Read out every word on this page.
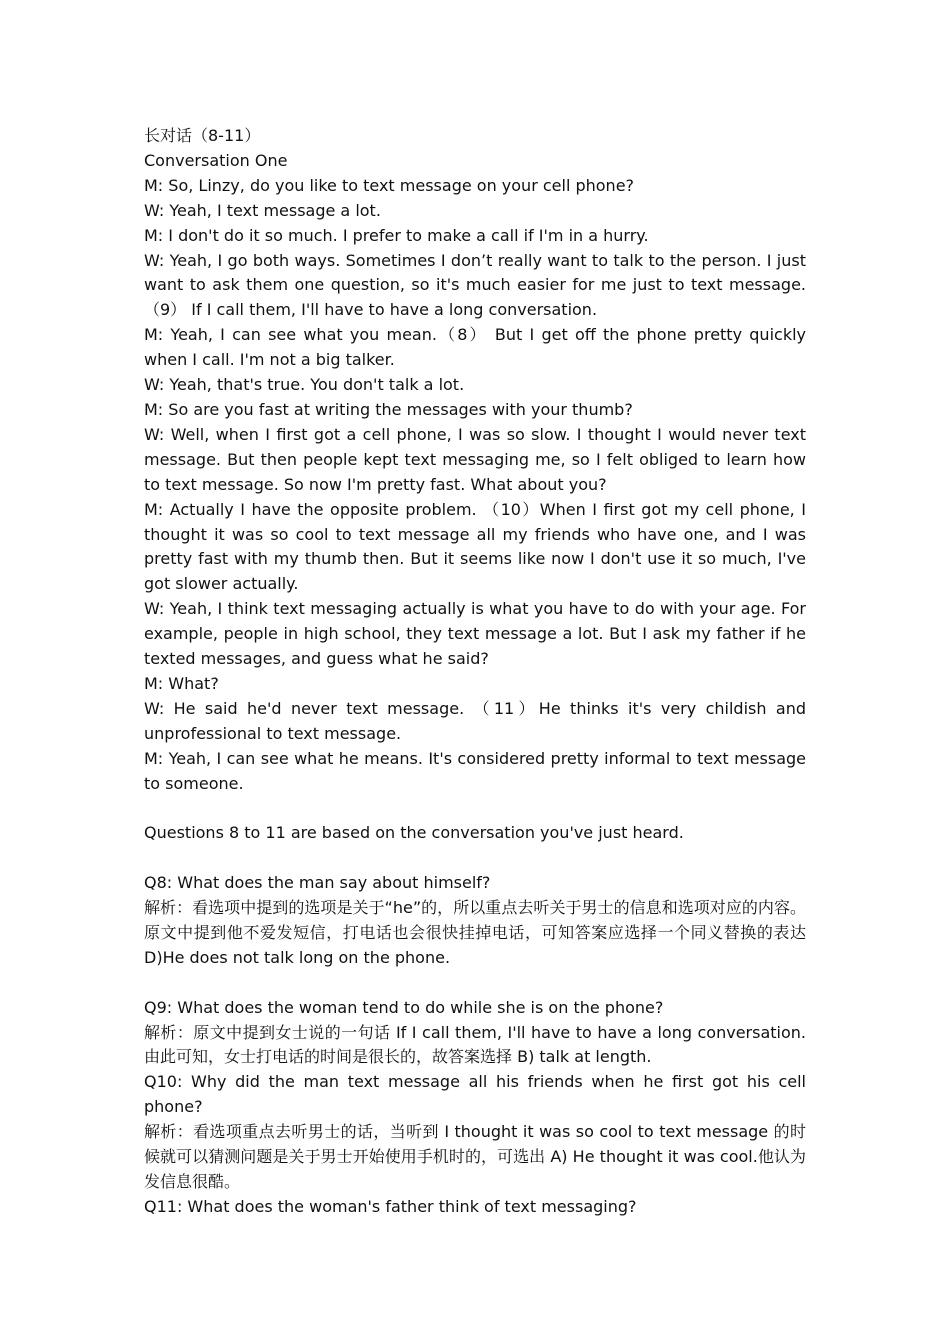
长对话（8-11）

Conversation One

M: So, Linzy, do you like to text message on your cell phone?

W: Yeah, I text message a lot.

M: I don't do it so much. I prefer to make a call if I'm in a hurry.

W: Yeah, I go both ways. Sometimes I don’t really want to talk to the person. I just want to ask them one question, so it's much easier for me just to text message.（9） If I call them, I'll have to have a long conversation.

M: Yeah, I can see what you mean.（8） But I get off the phone pretty quickly when I call. I'm not a big talker.

W: Yeah, that's true. You don't talk a lot.

M: So are you fast at writing the messages with your thumb?

W: Well, when I first got a cell phone, I was so slow. I thought I would never text message. But then people kept text messaging me, so I felt obliged to learn how to text message. So now I'm pretty fast. What about you?

M: Actually I have the opposite problem. （10）When I first got my cell phone, I thought it was so cool to text message all my friends who have one, and I was pretty fast with my thumb then. But it seems like now I don't use it so much, I've got slower actually.

W: Yeah, I think text messaging actually is what you have to do with your age. For example, people in high school, they text message a lot. But I ask my father if he texted messages, and guess what he said?

M: What?

W: He said he'd never text message. （11）He thinks it's very childish and unprofessional to text message.

M: Yeah, I can see what he means. It's considered pretty informal to text message to someone.

Questions 8 to 11 are based on the conversation you've just heard.

Q8: What does the man say about himself?

解析：看选项中提到的选项是关于“he”的，所以重点去听关于男士的信息和选项对应的内容。原文中提到他不爱发短信，打电话也会很快挂掉电话，可知答案应选择一个同义替换的表达 D)He does not talk long on the phone.

Q9: What does the woman tend to do while she is on the phone?

解析：原文中提到女士说的一句话 If I call them, I'll have to have a long conversation. 由此可知，女士打电话的时间是很长的，故答案选择 B) talk at length.

Q10: Why did the man text message all his friends when he first got his cell phone?

解析：看选项重点去听男士的话，当听到 I thought it was so cool to text message 的时候就可以猜测问题是关于男士开始使用手机时的，可选出 A) He thought it was cool.他认为发信息很酷。

Q11: What does the woman's father think of text messaging?
